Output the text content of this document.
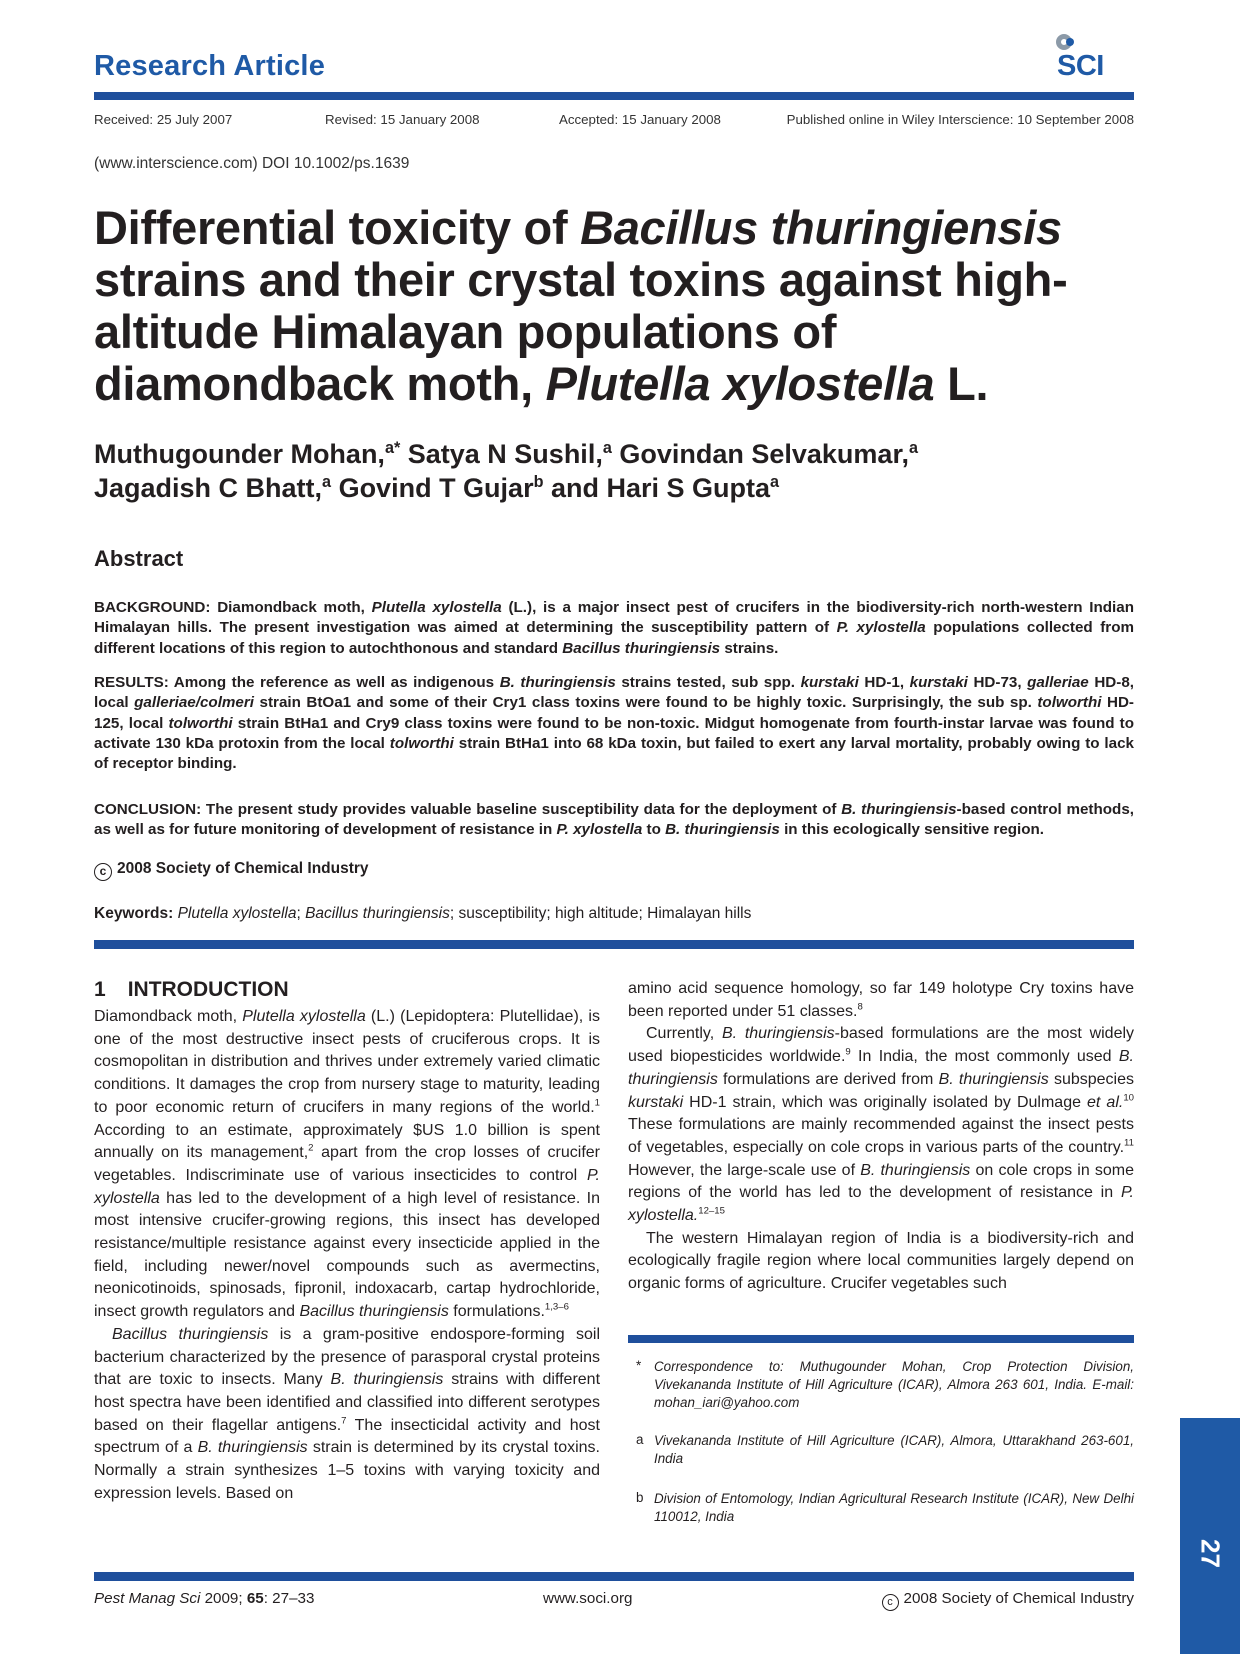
Research Article	SCI
Received: 25 July 2007	Revised: 15 January 2008	Accepted: 15 January 2008	Published online in Wiley Interscience: 10 September 2008
(www.interscience.com) DOI 10.1002/ps.1639
Differential toxicity of Bacillus thuringiensis strains and their crystal toxins against high-altitude Himalayan populations of diamondback moth, Plutella xylostella L.
Muthugounder Mohan,$^{a*}$ Satya N Sushil,$^a$ Govindan Selvakumar,$^a$
Jagadish C Bhatt,$^a$ Govind T Gujar$^b$ and Hari S Gupta$^a$
Abstract
BACKGROUND: Diamondback moth, Plutella xylostella (L.), is a major insect pest of crucifers in the biodiversity-rich north-western Indian Himalayan hills. The present investigation was aimed at determining the susceptibility pattern of P. xylostella populations collected from different locations of this region to autochthonous and standard Bacillus thuringiensis strains.
RESULTS: Among the reference as well as indigenous B. thuringiensis strains tested, sub spp. kurstaki HD-1, kurstaki HD-73, galleriae HD-8, local galleriae/colmeri strain BtOa1 and some of their Cry1 class toxins were found to be highly toxic. Surprisingly, the sub sp. tolworthi HD-125, local tolworthi strain BtHa1 and Cry9 class toxins were found to be non-toxic. Midgut homogenate from fourth-instar larvae was found to activate 130 kDa protoxin from the local tolworthi strain BtHa1 into 68 kDa toxin, but failed to exert any larval mortality, probably owing to lack of receptor binding.
CONCLUSION: The present study provides valuable baseline susceptibility data for the deployment of B. thuringiensis-based control methods, as well as for future monitoring of development of resistance in P. xylostella to B. thuringiensis in this ecologically sensitive region.
c 2008 Society of Chemical Industry
Keywords: Plutella xylostella; Bacillus thuringiensis; susceptibility; high altitude; Himalayan hills
1 INTRODUCTION

Diamondback moth, Plutella xylostella (L.) (Lepidoptera: Plutellidae), is one of the most destructive insect pests of cruciferous crops. It is cosmopolitan in distribution and thrives under extremely varied climatic conditions. It damages the crop from nursery stage to maturity, leading to poor economic return of crucifers in many regions of the world.$^1$ According to an estimate, approximately $US 1.0 billion is spent annually on its management,$^2$ apart from the crop losses of crucifer vegetables. Indiscriminate use of various insecticides to control P. xylostella has led to the development of a high level of resistance. In most intensive crucifer-growing regions, this insect has developed resistance/multiple resistance against every insecticide applied in the field, including newer/novel compounds such as avermectins, neonicotinoids, spinosads, fipronil, indoxacarb, cartap hydrochloride, insect growth regulators and Bacillus thuringiensis formulations.$^{1,3-6}$

Bacillus thuringiensis is a gram-positive endospore-forming soil bacterium characterized by the presence of parasporal crystal proteins that are toxic to insects. Many B. thuringiensis strains with different host spectra have been identified and classified into different serotypes based on their flagellar antigens.$^7$ The insecticidal activity and host spectrum of a B. thuringiensis strain is determined by its crystal toxins. Normally a strain synthesizes 1–5 toxins with varying toxicity and expression levels. Based on

amino acid sequence homology, so far 149 holotype Cry toxins have been reported under 51 classes.$^8$

Currently, B. thuringiensis-based formulations are the most widely used biopesticides worldwide.$^9$ In India, the most commonly used B. thuringiensis formulations are derived from B. thuringiensis subspecies kurstaki HD-1 strain, which was originally isolated by Dulmage et al.$^{10}$ These formulations are mainly recommended against the insect pests of vegetables, especially on cole crops in various parts of the country.$^{11}$ However, the large-scale use of B. thuringiensis on cole crops in some regions of the world has led to the development of resistance in P. xylostella.$^{12-15}$

The western Himalayan region of India is a biodiversity-rich and ecologically fragile region where local communities largely depend on organic forms of agriculture. Crucifer vegetables such

* Correspondence to: Muthugounder Mohan, Crop Protection Division, Vivekananda Institute of Hill Agriculture (ICAR), Almora 263 601, India. E-mail: mohan_iari@yahoo.com
a Vivekananda Institute of Hill Agriculture (ICAR), Almora, Uttarakhand 263-601, India
b Division of Entomology, Indian Agricultural Research Institute (ICAR), New Delhi 110012, India
27
Pest Manag Sci 2009; 65: 27–33	www.soci.org	c 2008 Society of Chemical Industry
